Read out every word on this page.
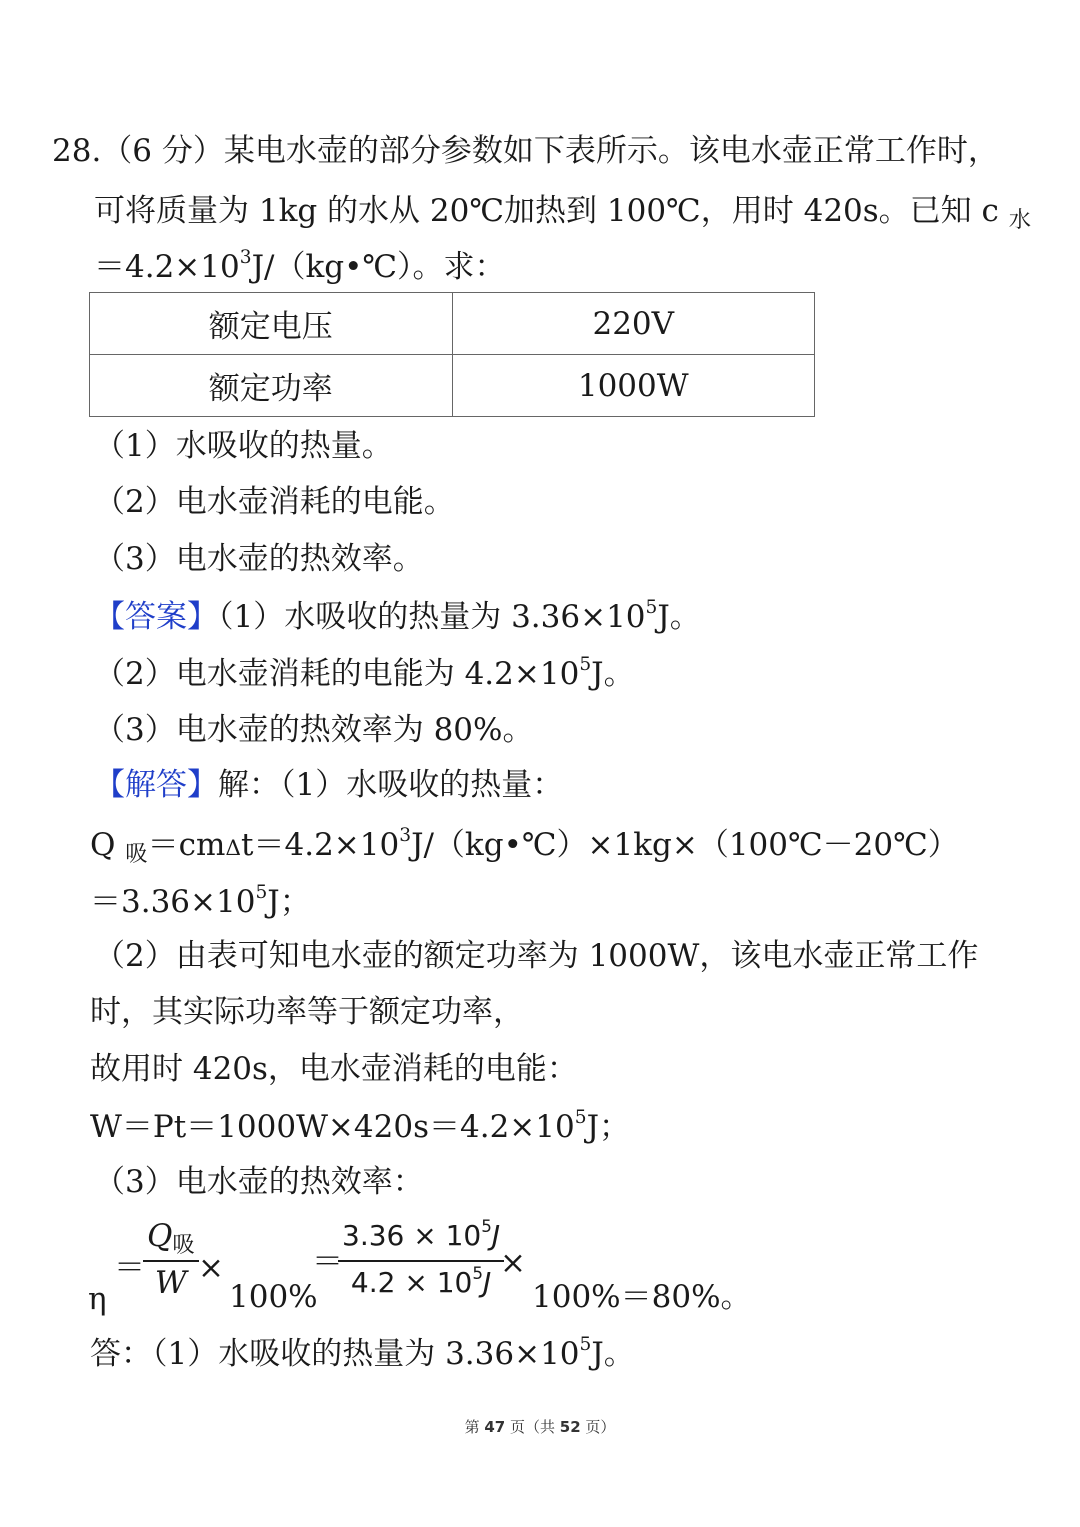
28.（6 分）某电水壶的部分参数如下表所示。该电水壶正常工作时，
可将质量为 1kg 的水从 20℃加热到 100℃，用时 420s。已知 c $_水$
$=4.2\times 10^3J/(kg•℃)$。求：
额定电压	220V
额定功率	1000W
（1）水吸收的热量。
（2）电水壶消耗的电能。
（3）电水壶的热效率。
【答案】（1）水吸收的热量为 $3.36\times 10^5J$。
（2）电水壶消耗的电能为 $4.2\times 10^5J$。
（3）电水壶的热效率为 80%。
【解答】解：（1）水吸收的热量：
Q $_吸=cm\Delta t=4.2\times 10^3J/(kg•℃)\times 1kg\times(100℃-20℃)$
$=3.36\times 10^5J$；
（2）由表可知电水壶的额定功率为 1000W，该电水壶正常工作
时，其实际功率等于额定功率，
故用时 420s，电水壶消耗的电能：
$W=Pt=1000W\times 420s=4.2\times 10^5J$；
（3）电水壶的热效率：
η
＝
$Q_吸$
W ×
100%
＝
$\frac{3.36 \times 10^5J}{4.2 \times 10^5J}$
×
100%＝80%。
答：（1）水吸收的热量为 $3.36\times 10^5J$。
第 47 页（共 52 页）
